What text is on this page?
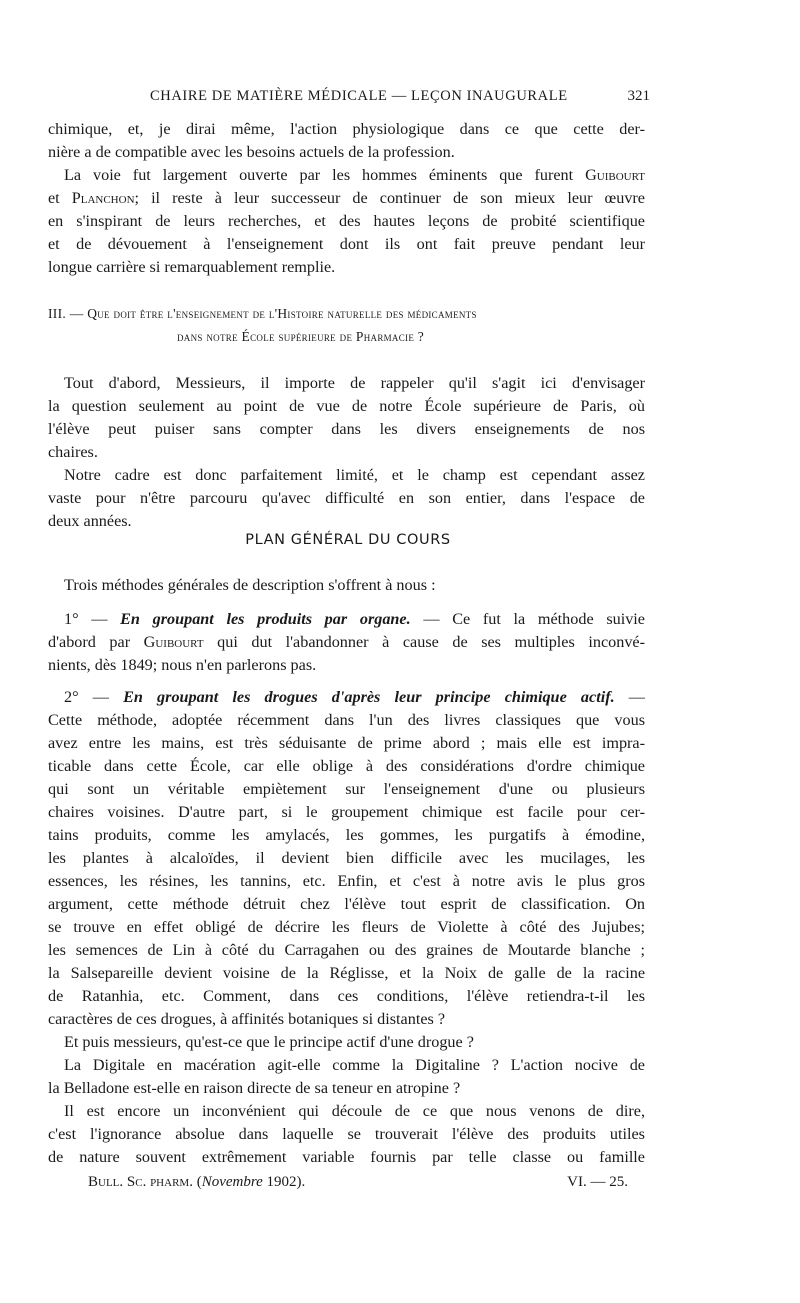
CHAIRE DE MATIÈRE MÉDICALE — LEÇON INAUGURALE	321
chimique, et, je dirai même, l'action physiologique dans ce que cette der-
nière a de compatible avec les besoins actuels de la profession.
La voie fut largement ouverte par les hommes éminents que furent Guibourt
et Planchon; il reste à leur successeur de continuer de son mieux leur œuvre
en s'inspirant de leurs recherches, et des hautes leçons de probité scientifique
et de dévouement à l'enseignement dont ils ont fait preuve pendant leur
longue carrière si remarquablement remplie.
III. — Que doit être l'enseignement de l'Histoire naturelle des médicaments
dans notre École supérieure de Pharmacie ?
Tout d'abord, Messieurs, il importe de rappeler qu'il s'agit ici d'envisager
la question seulement au point de vue de notre École supérieure de Paris, où
l'élève peut puiser sans compter dans les divers enseignements de nos
chaires.
Notre cadre est donc parfaitement limité, et le champ est cependant assez
vaste pour n'être parcouru qu'avec difficulté en son entier, dans l'espace de
deux années.
PLAN GÉNÉRAL DU COURS
Trois méthodes générales de description s'offrent à nous :
1° — En groupant les produits par organe. — Ce fut la méthode suivie
d'abord par Guibourt qui dut l'abandonner à cause de ses multiples inconvé-
nients, dès 1849; nous n'en parlerons pas.
2° — En groupant les drogues d'après leur principe chimique actif. —
Cette méthode, adoptée récemment dans l'un des livres classiques que vous
avez entre les mains, est très séduisante de prime abord ; mais elle est impra-
ticable dans cette École, car elle oblige à des considérations d'ordre chimique
qui sont un véritable empiètement sur l'enseignement d'une ou plusieurs
chaires voisines. D'autre part, si le groupement chimique est facile pour cer-
tains produits, comme les amylacés, les gommes, les purgatifs à émodine,
les plantes à alcaloïdes, il devient bien difficile avec les mucilages, les
essences, les résines, les tannins, etc. Enfin, et c'est à notre avis le plus gros
argument, cette méthode détruit chez l'élève tout esprit de classification. On
se trouve en effet obligé de décrire les fleurs de Violette à côté des Jujubes;
les semences de Lin à côté du Carragahen ou des graines de Moutarde blanche ;
la Salsepareille devient voisine de la Réglisse, et la Noix de galle de la racine
de Ratanhia, etc. Comment, dans ces conditions, l'élève retiendra-t-il les
caractères de ces drogues, à affinités botaniques si distantes ?
Et puis messieurs, qu'est-ce que le principe actif d'une drogue ?
La Digitale en macération agit-elle comme la Digitaline ? L'action nocive de
la Belladone est-elle en raison directe de sa teneur en atropine ?
Il est encore un inconvénient qui découle de ce que nous venons de dire,
c'est l'ignorance absolue dans laquelle se trouverait l'élève des produits utiles
de nature souvent extrêmement variable fournis par telle classe ou famille
Bull. Sc. pharm. (Novembre 1902).	VI. — 25.
